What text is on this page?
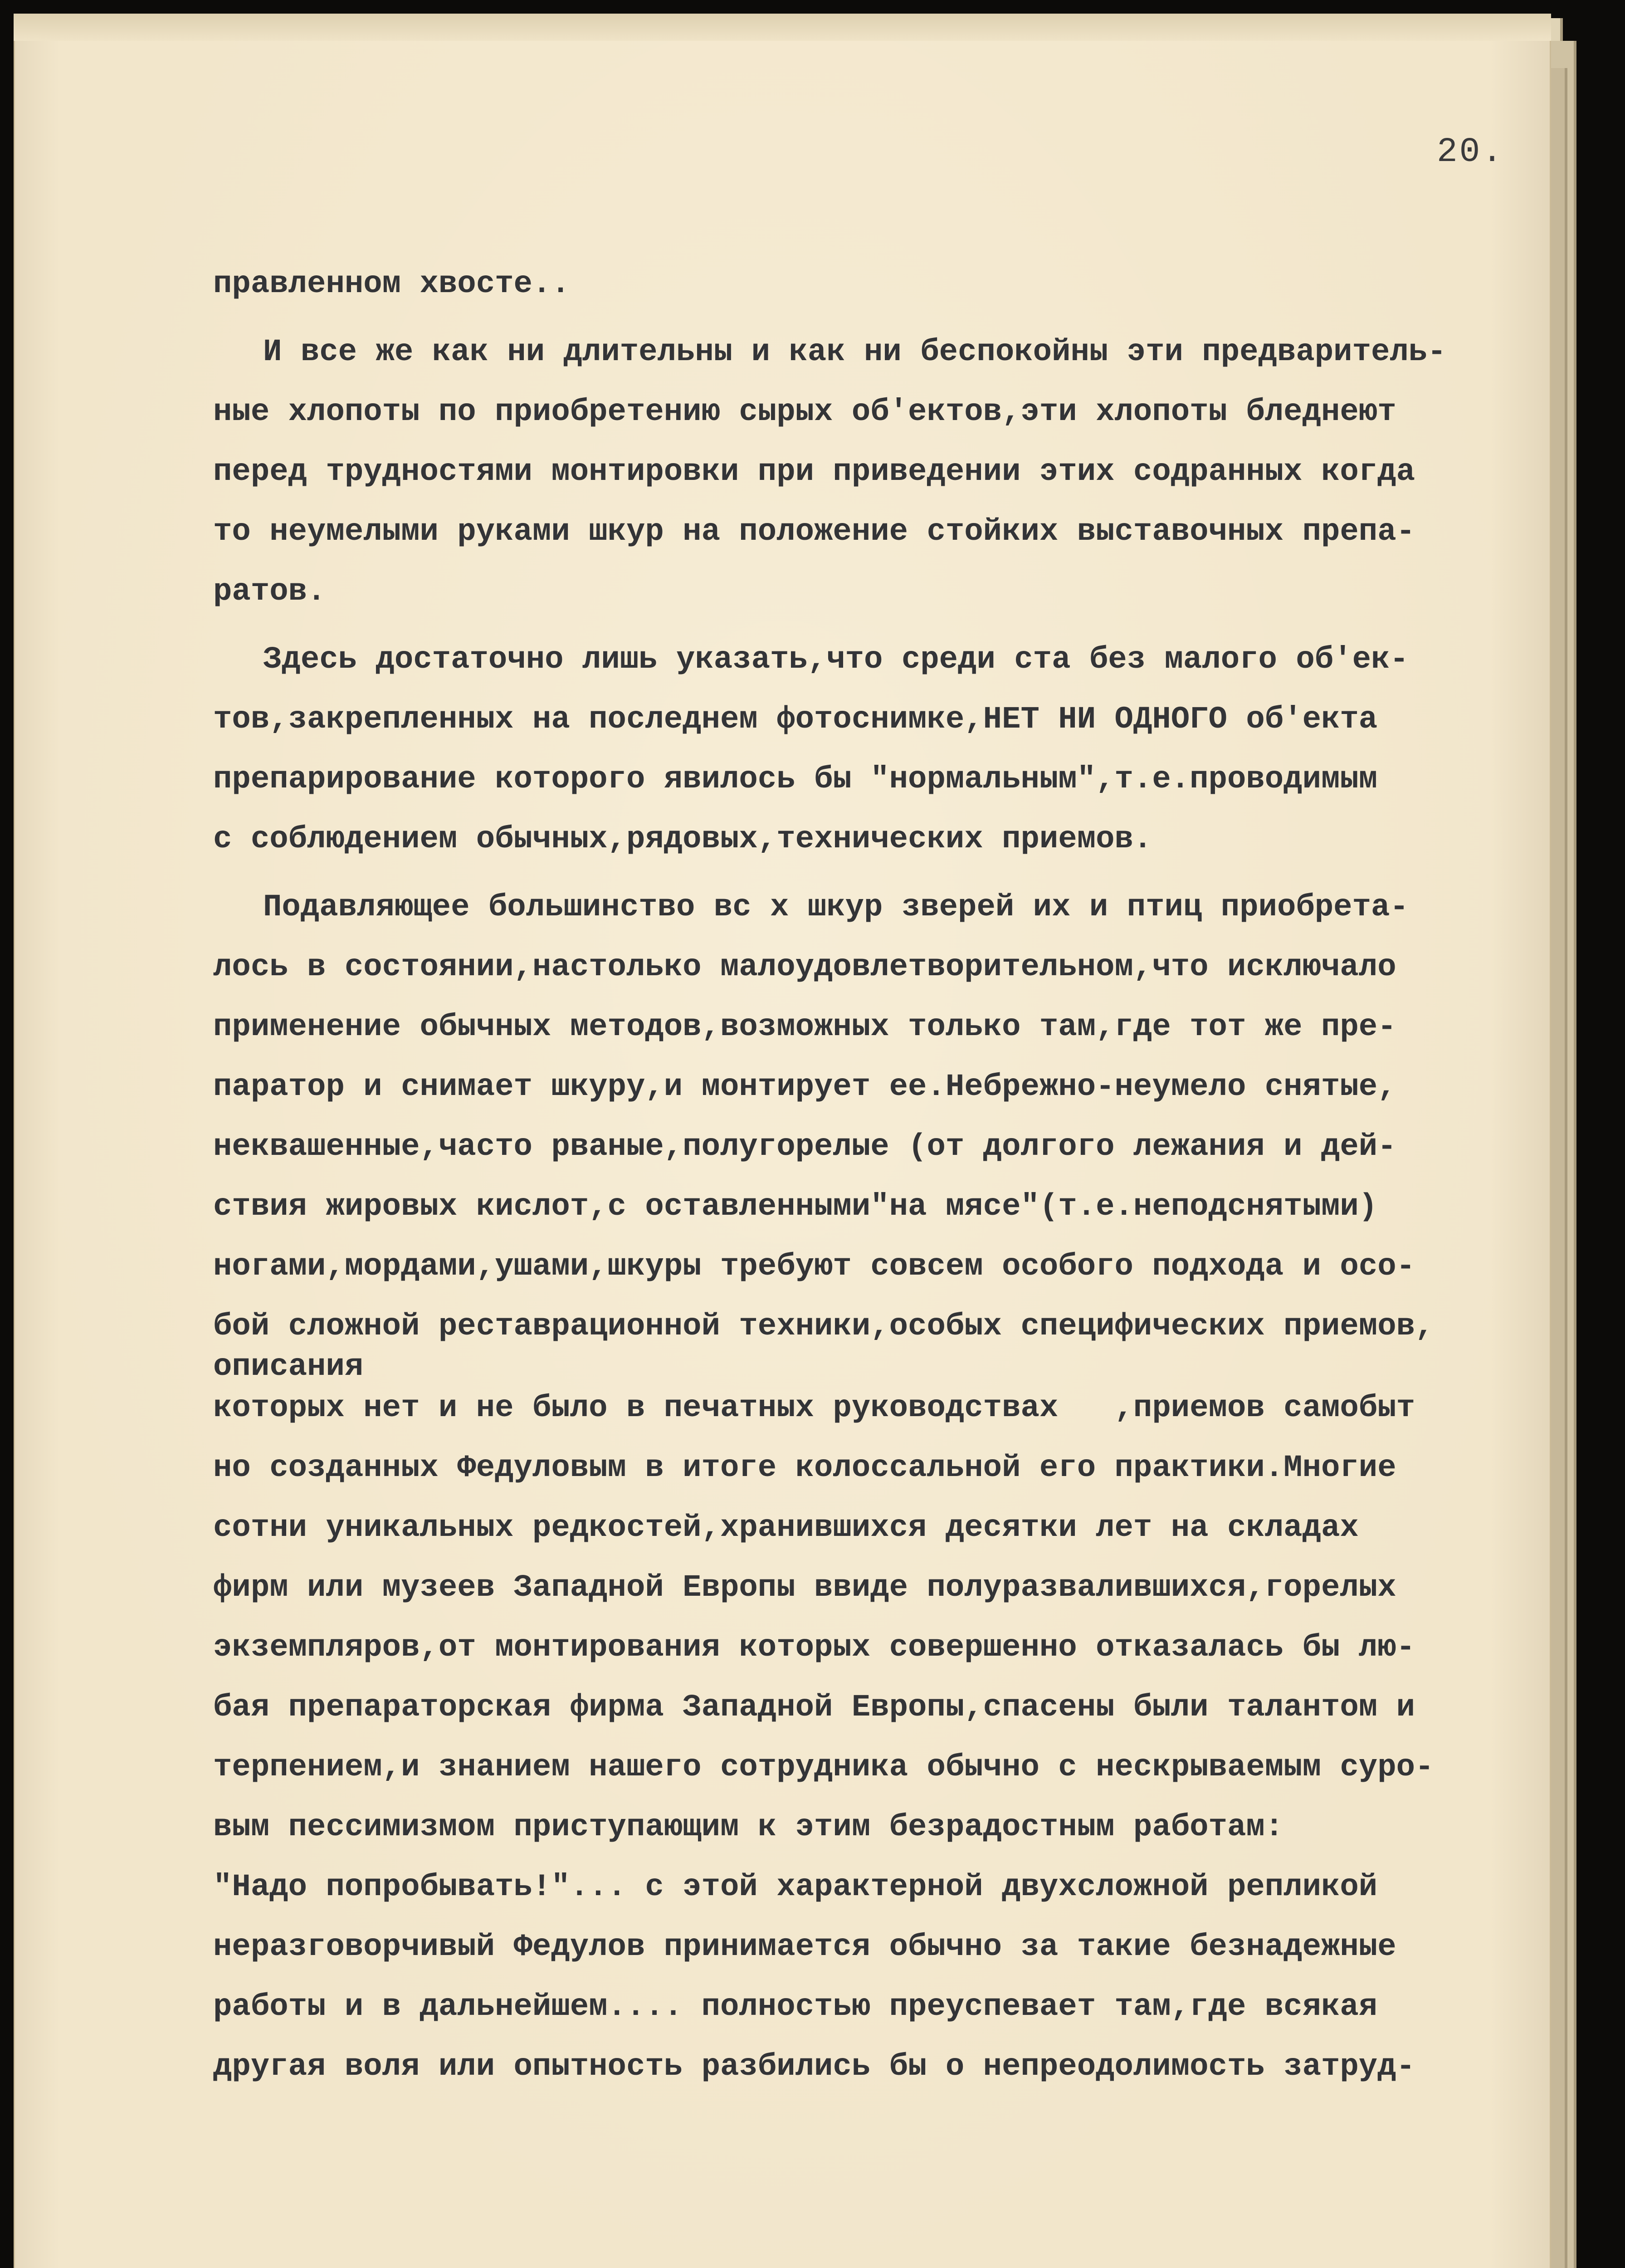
20.
правленном хвосте..
И все же как ни длительны и как ни беспокойны эти предваритель-
ные хлопоты по приобретению сырых об'ектов,эти хлопоты бледнеют
перед трудностями монтировки при приведении этих содранных когда
то неумелыми руками шкур на положение стойких выставочных препа-
ратов.
Здесь достаточно лишь указать,что среди ста без малого об'ек-
тов,закрепленных на последнем фотоснимке,НЕТ НИ ОДНОГО об'екта
препарирование которого явилось бы "нормальным",т.е.проводимым
с соблюдением обычных,рядовых,технических приемов.
Подавляющее большинство вс х шкур зверей их и птиц приобрета-
лось в состоянии,настолько малоудовлетворительном,что исключало
применение обычных методов,возможных только там,где тот же пре-
паратор и снимает шкуру,и монтирует ее.Небрежно-неумело снятые,
неквашенные,часто рваные,полугорелые (от долгого лежания и дей-
ствия жировых кислот,с оставленными"на мясе"(т.е.неподснятыми)
ногами,мордами,ушами,шкуры требуют совсем особого подхода и осо-
бой сложной реставрационной техники,особых специфических приемов,
описания
которых нет и не было в печатных руководствах   ,приемов самобыт
но созданных Федуловым в итоге колоссальной его практики.Многие
сотни уникальных редкостей,хранившихся десятки лет на складах
фирм или музеев Западной Европы ввиде полуразвалившихся,горелых
экземпляров,от монтирования которых совершенно отказалась бы лю-
бая препараторская фирма Западной Европы,спасены были талантом и
терпением,и знанием нашего сотрудника обычно с нескрываемым суро-
вым пессимизмом приступающим к этим безрадостным работам:
"Надо попробывать!"... с этой характерной двухсложной репликой
неразговорчивый Федулов принимается обычно за такие безнадежные
работы и в дальнейшем.... полностью преуспевает там,где всякая
другая воля или опытность разбились бы о непреодолимость затруд-
